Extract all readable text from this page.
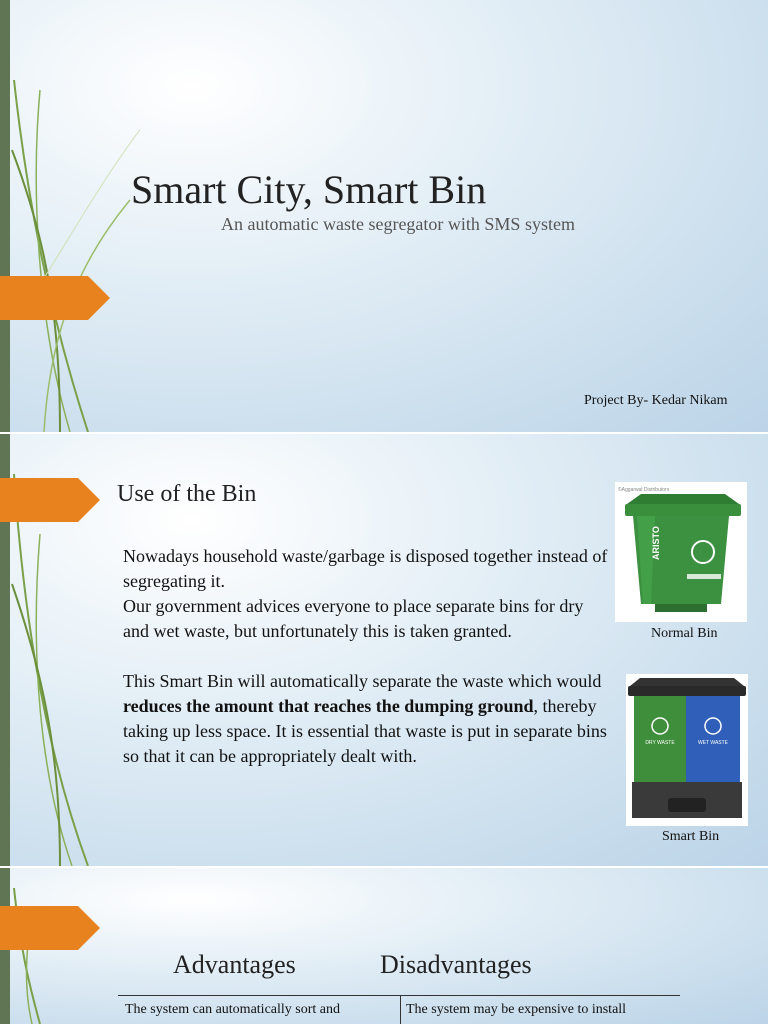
Smart City, Smart Bin
An automatic waste segregator with SMS system
Project By- Kedar Nikam
Use of the Bin

Nowadays household waste/garbage is disposed together instead of segregating it.

Our government advices everyone to place separate bins for dry and wet waste, but unfortunately this is taken granted.

This Smart Bin will automatically separate the waste which would reduces the amount that reaches the dumping ground, thereby taking up less space. It is essential that waste is put in separate bins so that it can be appropriately dealt with.

©Aggarwal Distributors
ARISTO
Normal Bin
DRY WASTE	WET WASTE
Smart Bin
Advantages	Disadvantages
The system can automatically sort and	The system may be expensive to install
